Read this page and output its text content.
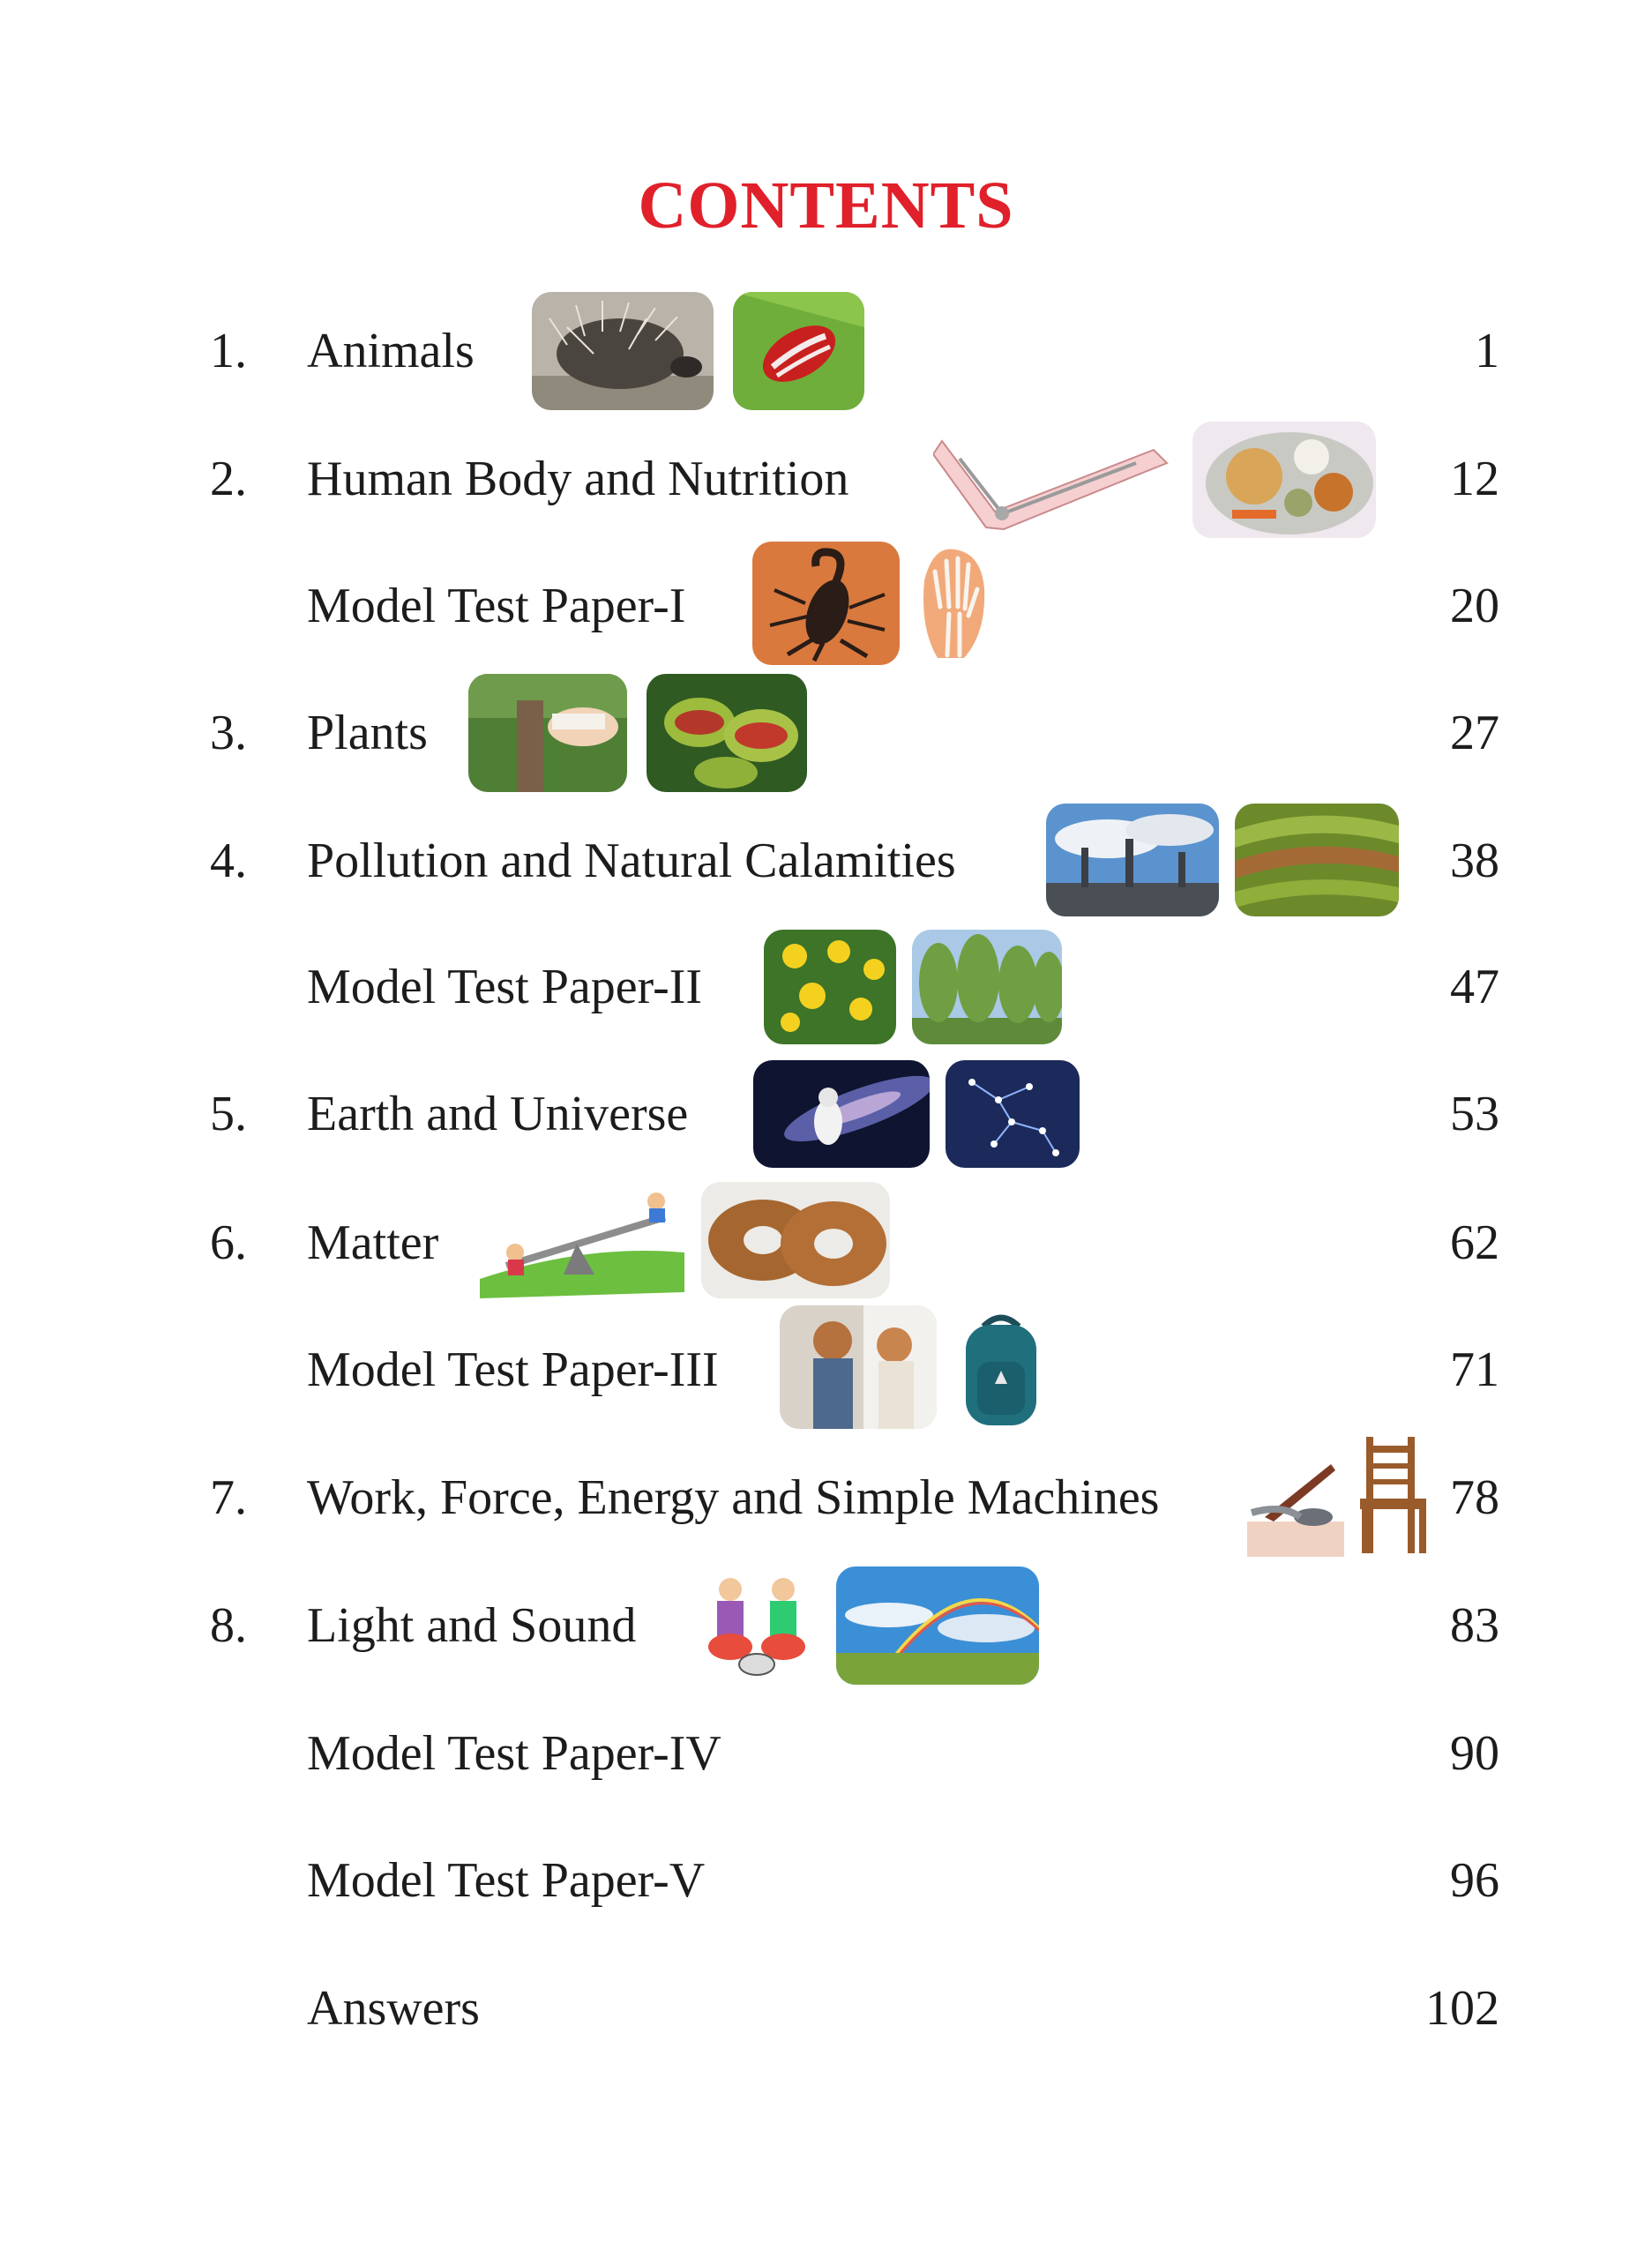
CONTENTS
1. Animals	1
2. Human Body and Nutrition	12
Model Test Paper-I	20
3. Plants	27
4. Pollution and Natural Calamities	38
Model Test Paper-II	47
5. Earth and Universe	53
6. Matter	62
Model Test Paper-III	71
7. Work, Force, Energy and Simple Machines	78
8. Light and Sound	83
Model Test Paper-IV	90
Model Test Paper-V	96
Answers	102
